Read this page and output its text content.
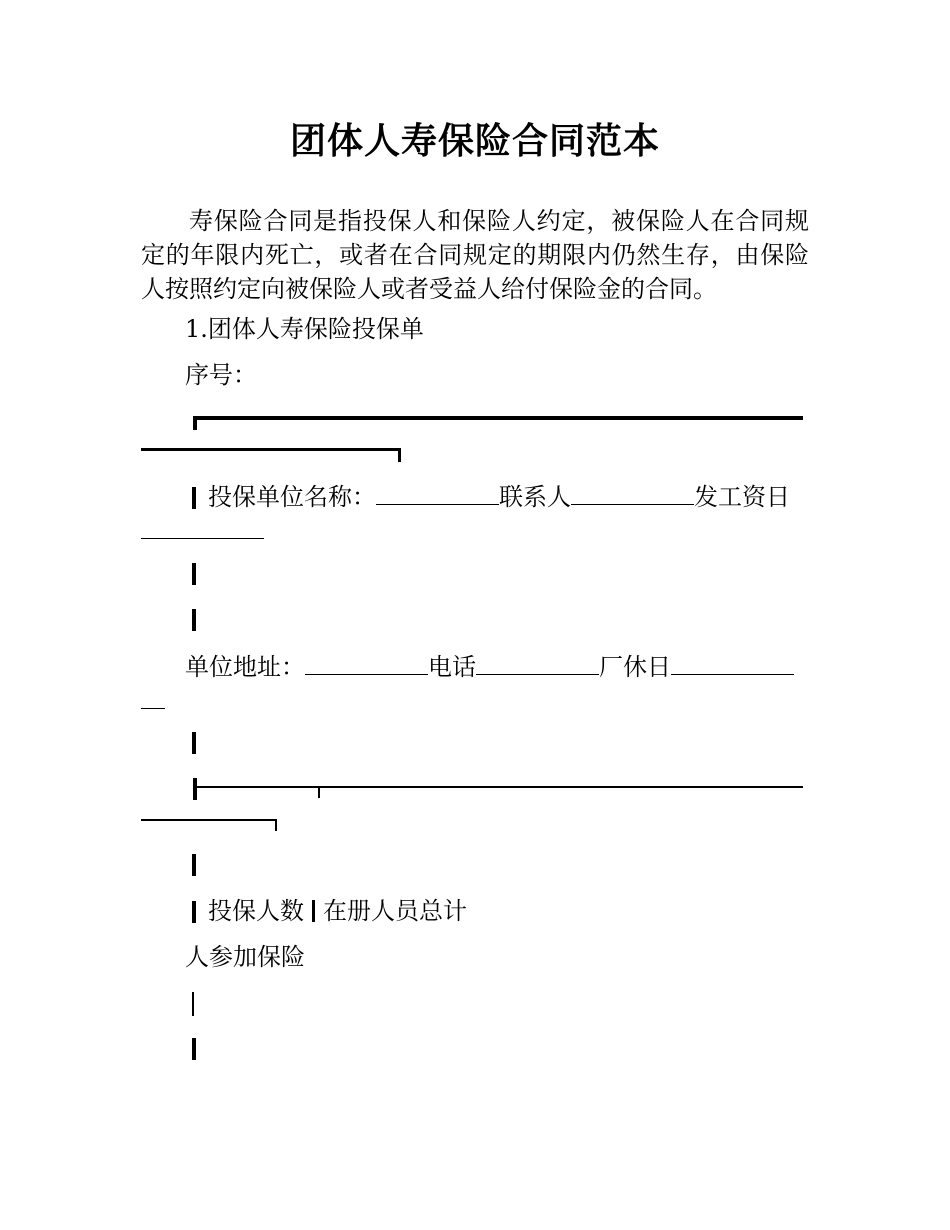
团体人寿保险合同范本

寿保险合同是指投保人和保险人约定，被保险人在合同规定的年限内死亡，或者在合同规定的期限内仍然生存，由保险人按照约定向被保险人或者受益人给付保险金的合同。

1.团体人寿保险投保单
序号：
投保单位名称：	联系人	发工资日
单位地址：	电话	厂休日
投保人数 在册人员总计
人参加保险
